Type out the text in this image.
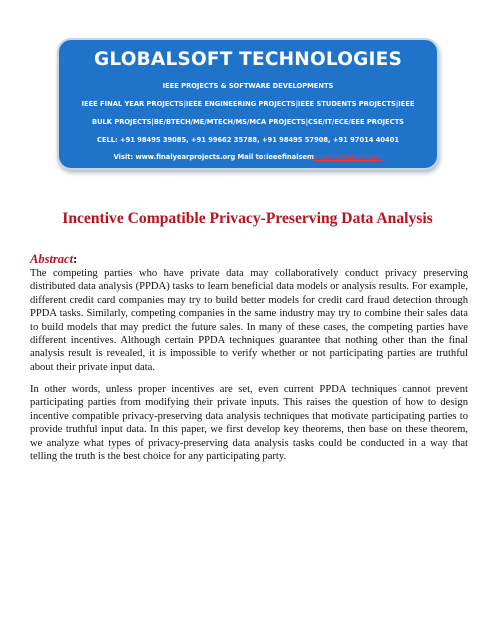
GLOBALSOFT TECHNOLOGIES
IEEE PROJECTS & SOFTWARE DEVELOPMENTS
IEEE FINAL YEAR PROJECTS|IEEE ENGINEERING PROJECTS|IEEE STUDENTS PROJECTS|IEEE
BULK PROJECTS|BE/BTECH/ME/MTECH/MS/MCA PROJECTS|CSE/IT/ECE/EEE PROJECTS
CELL: +91 98495 39085, +91 99662 35788, +91 98495 57908, +91 97014 40401
Visit: www.finalyearprojects.org Mail to:ieeefinalsemprojects@gmail.com
Incentive Compatible Privacy-Preserving Data Analysis
Abstract:

The competing parties who have private data may collaboratively conduct privacy preserving distributed data analysis (PPDA) tasks to learn beneficial data models or analysis results. For example, different credit card companies may try to build better models for credit card fraud detection through PPDA tasks. Similarly, competing companies in the same industry may try to combine their sales data to build models that may predict the future sales. In many of these cases, the competing parties have different incentives. Although certain PPDA techniques guarantee that nothing other than the final analysis result is revealed, it is impossible to verify whether or not participating parties are truthful about their private input data.

In other words, unless proper incentives are set, even current PPDA techniques cannot prevent participating parties from modifying their private inputs. This raises the question of how to design incentive compatible privacy-preserving data analysis techniques that motivate participating parties to provide truthful input data. In this paper, we first develop key theorems, then base on these theorem, we analyze what types of privacy-preserving data analysis tasks could be conducted in a way that telling the truth is the best choice for any participating party.
